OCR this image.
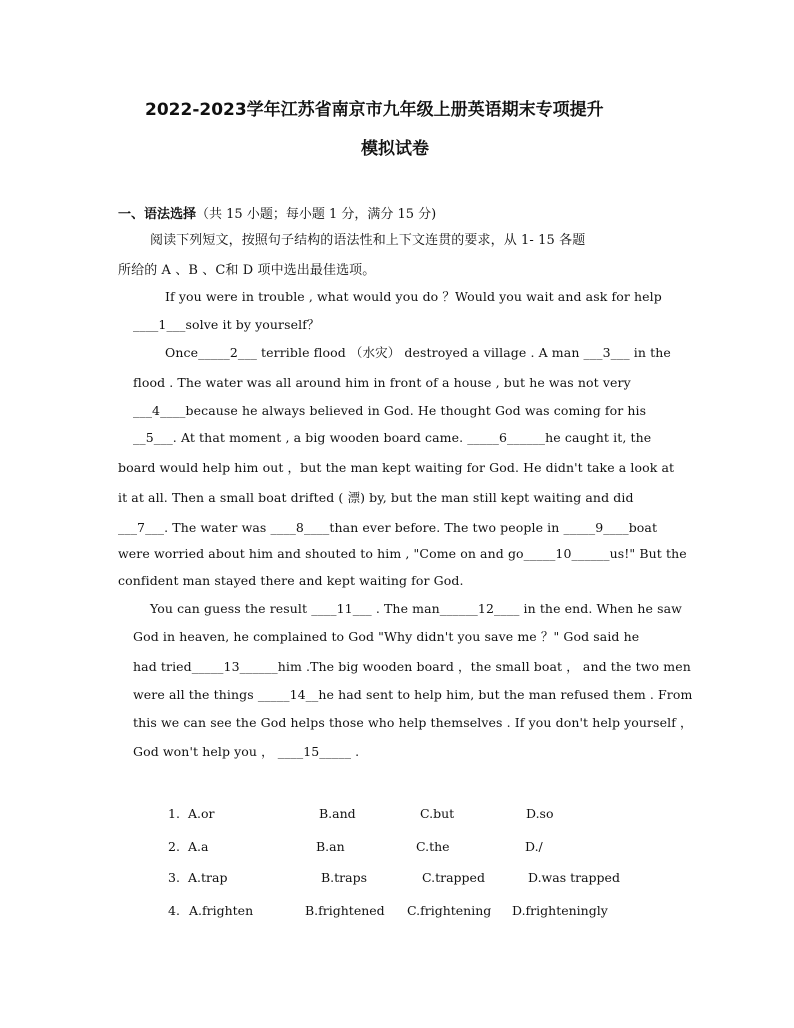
2022-2023学年江苏省南京市九年级上册英语期末专项提升
模拟试卷
一、语法选择（共 15 小题；每小题 1 分，满分 15 分)
阅读下列短文，按照句子结构的语法性和上下文连贯的要求，从 1- 15 各题
所给的 A 、B 、C和 D 项中选出最佳选项。
If you were in trouble , what would you do ？Would you wait and ask for help
____1___solve it by yourself？
Once_____2___ terrible flood （水灾） destroyed a village . A man ___3___ in the
flood . The water was all around him in front of a house , but he was not very
___4____because he always believed in God. He thought God was coming for his
__5___. At that moment , a big wooden board came. _____6______he caught it, the
board would help him out ，but the man kept waiting for God. He didn't take a look at
it at all. Then a small boat drifted ( 漂) by, but the man still kept waiting and did
___7___. The water was ____8____than ever before. The two people in _____9____boat
were worried about him and shouted to him , "Come on and go_____10______us!" But the
confident man stayed there and kept waiting for God.
You can guess the result ____11___ . The man______12____ in the end. When he saw
God in heaven, he complained to God "Why didn't you save me ？" God said he
had tried_____13______him .The big wooden board ，the small boat ， and the two men
were all the things _____14__he had sent to help him, but the man refused them . From
this we can see the God helps those who help themselves . If you don't help yourself ，
God won't help you ， ____15_____ .
1. A.or	B.and	C.but	D.so
2. A.a	B.an	C.the	D./
3. A.trap	B.traps	C.trapped	D.was trapped
4. A.frighten	B.frightened C.frightening D.frighteningly
